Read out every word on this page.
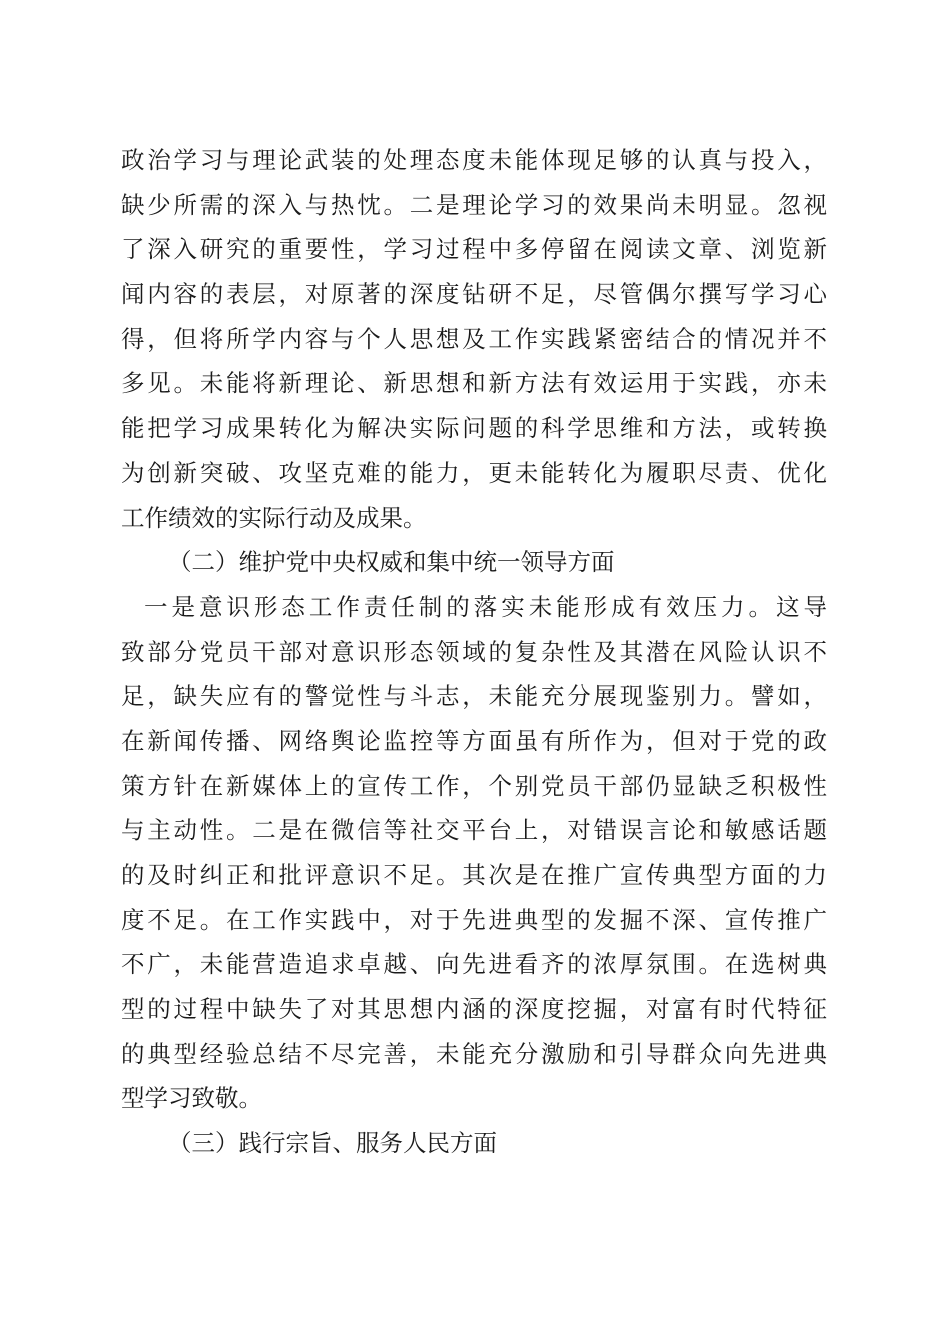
政治学习与理论武装的处理态度未能体现足够的认真与投入，
缺少所需的深入与热忱。二是理论学习的效果尚未明显。忽视
了深入研究的重要性，学习过程中多停留在阅读文章、浏览新
闻内容的表层，对原著的深度钻研不足，尽管偶尔撰写学习心
得，但将所学内容与个人思想及工作实践紧密结合的情况并不
多见。未能将新理论、新思想和新方法有效运用于实践，亦未
能把学习成果转化为解决实际问题的科学思维和方法，或转换
为创新突破、攻坚克难的能力，更未能转化为履职尽责、优化
工作绩效的实际行动及成果。
（二）维护党中央权威和集中统一领导方面
一是意识形态工作责任制的落实未能形成有效压力。这导
致部分党员干部对意识形态领域的复杂性及其潜在风险认识不
足，缺失应有的警觉性与斗志，未能充分展现鉴别力。譬如，
在新闻传播、网络舆论监控等方面虽有所作为，但对于党的政
策方针在新媒体上的宣传工作，个别党员干部仍显缺乏积极性
与主动性。二是在微信等社交平台上，对错误言论和敏感话题
的及时纠正和批评意识不足。其次是在推广宣传典型方面的力
度不足。在工作实践中，对于先进典型的发掘不深、宣传推广
不广，未能营造追求卓越、向先进看齐的浓厚氛围。在选树典
型的过程中缺失了对其思想内涵的深度挖掘，对富有时代特征
的典型经验总结不尽完善，未能充分激励和引导群众向先进典
型学习致敬。
（三）践行宗旨、服务人民方面
